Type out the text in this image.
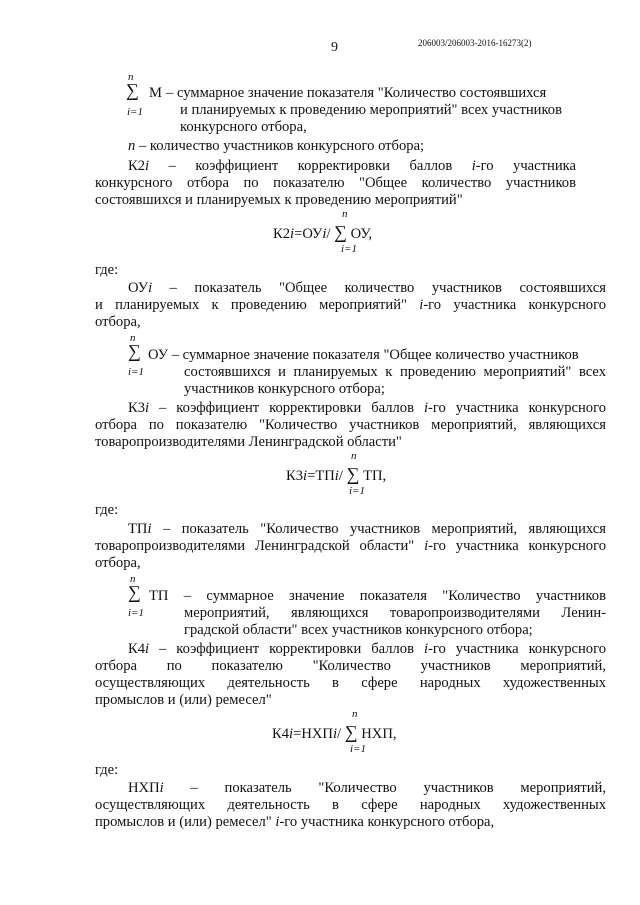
206003/206003-2016-16273(2)
9
n
∑
i=1
М – суммарное значение показателя "Количество состоявшихся
и планируемых к проведению мероприятий" всех участников
конкурсного отбора,
n – количество участников конкурсного отбора;
К2i – коэффициент корректировки баллов i-го участника
конкурсного отбора по показателю "Общее количество участников
состоявшихся и планируемых к проведению мероприятий"
n
К2i=ОУi/ ∑ ОУ,
i=1
где:
ОУi – показатель "Общее количество участников состоявшихся
и планируемых к проведению мероприятий" i-го участника конкурсного
отбора,
n
∑
i=1
ОУ – суммарное значение показателя "Общее количество участников
состоявшихся и планируемых к проведению мероприятий" всех
участников конкурсного отбора;
К3i – коэффициент корректировки баллов i-го участника конкурсного
отбора по показателю "Количество участников мероприятий, являющихся
товаропроизводителями Ленинградской области"
n
К3i=ТПi/ ∑ ТП,
i=1
где:
ТПi – показатель "Количество участников мероприятий, являющихся
товаропроизводителями Ленинградской области" i-го участника конкурсного
отбора,
n
∑
i=1
ТП – суммарное значение показателя "Количество участников
мероприятий, являющихся товаропроизводителями Ленин-
градской области" всех участников конкурсного отбора;
К4i – коэффициент корректировки баллов i-го участника конкурсного
отбора по показателю "Количество участников мероприятий,
осуществляющих деятельность в сфере народных художественных
промыслов и (или) ремесел"
n
К4i=НХПi/ ∑ НХП,
i=1
где:
НХПi – показатель "Количество участников мероприятий,
осуществляющих деятельность в сфере народных художественных
промыслов и (или) ремесел" i-го участника конкурсного отбора,
